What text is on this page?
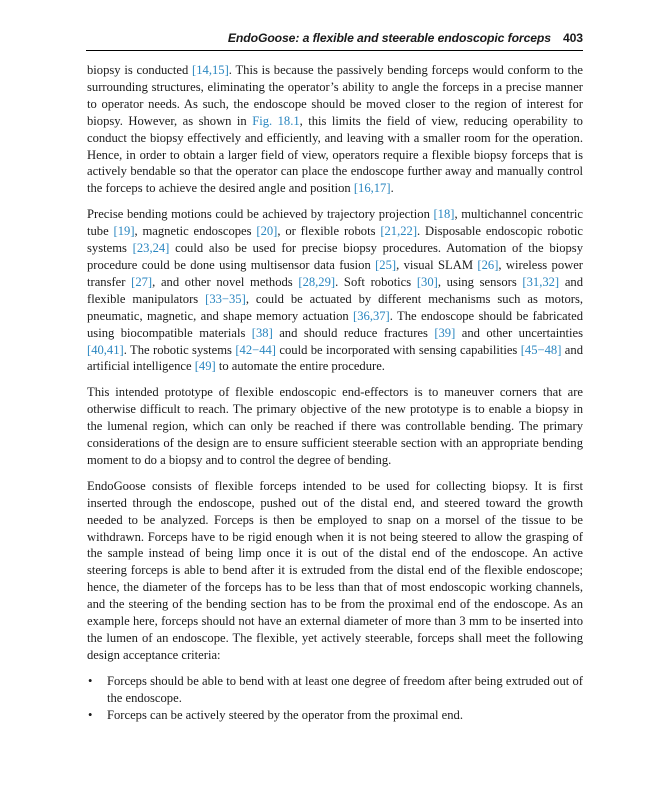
EndoGoose: a flexible and steerable endoscopic forceps 403

biopsy is conducted [14,15]. This is because the passively bending forceps would conform to the surrounding structures, eliminating the operator’s ability to angle the forceps in a precise manner to operator needs. As such, the endoscope should be moved closer to the region of interest for biopsy. However, as shown in Fig. 18.1, this limits the field of view, reducing operability to conduct the biopsy effectively and efficiently, and leaving with a smaller room for the operation. Hence, in order to obtain a larger field of view, operators require a flexible biopsy forceps that is actively bendable so that the operator can place the endoscope further away and manually control the forceps to achieve the desired angle and position [16,17].

Precise bending motions could be achieved by trajectory projection [18], multichannel concentric tube [19], magnetic endoscopes [20], or flexible robots [21,22]. Disposable endoscopic robotic systems [23,24] could also be used for precise biopsy procedures. Automation of the biopsy procedure could be done using multisensor data fusion [25], visual SLAM [26], wireless power transfer [27], and other novel methods [28,29]. Soft robotics [30], using sensors [31,32] and flexible manipulators [33−35], could be actuated by different mechanisms such as motors, pneumatic, magnetic, and shape memory actuation [36,37]. The endoscope should be fabricated using biocompatible materials [38] and should reduce fractures [39] and other uncertainties [40,41]. The robotic systems [42−44] could be incorporated with sensing capabilities [45−48] and artificial intelligence [49] to automate the entire procedure.

This intended prototype of flexible endoscopic end-effectors is to maneuver corners that are otherwise difficult to reach. The primary objective of the new prototype is to enable a biopsy in the lumenal region, which can only be reached if there was controllable bending. The primary considerations of the design are to ensure sufficient steerable section with an appropriate bending moment to do a biopsy and to control the degree of bending.

EndoGoose consists of flexible forceps intended to be used for collecting biopsy. It is first inserted through the endoscope, pushed out of the distal end, and steered toward the growth needed to be analyzed. Forceps is then be employed to snap on a morsel of the tissue to be withdrawn. Forceps have to be rigid enough when it is not being steered to allow the grasping of the sample instead of being limp once it is out of the distal end of the endoscope. An active steering forceps is able to bend after it is extruded from the distal end of the flexible endoscope; hence, the diameter of the forceps has to be less than that of most endoscopic working channels, and the steering of the bending section has to be from the proximal end of the endoscope. As an example here, forceps should not have an external diameter of more than 3 mm to be inserted into the lumen of an endoscope. The flexible, yet actively steerable, forceps shall meet the following design acceptance criteria:

• Forceps should be able to bend with at least one degree of freedom after being extruded out of the endoscope.
• Forceps can be actively steered by the operator from the proximal end.
